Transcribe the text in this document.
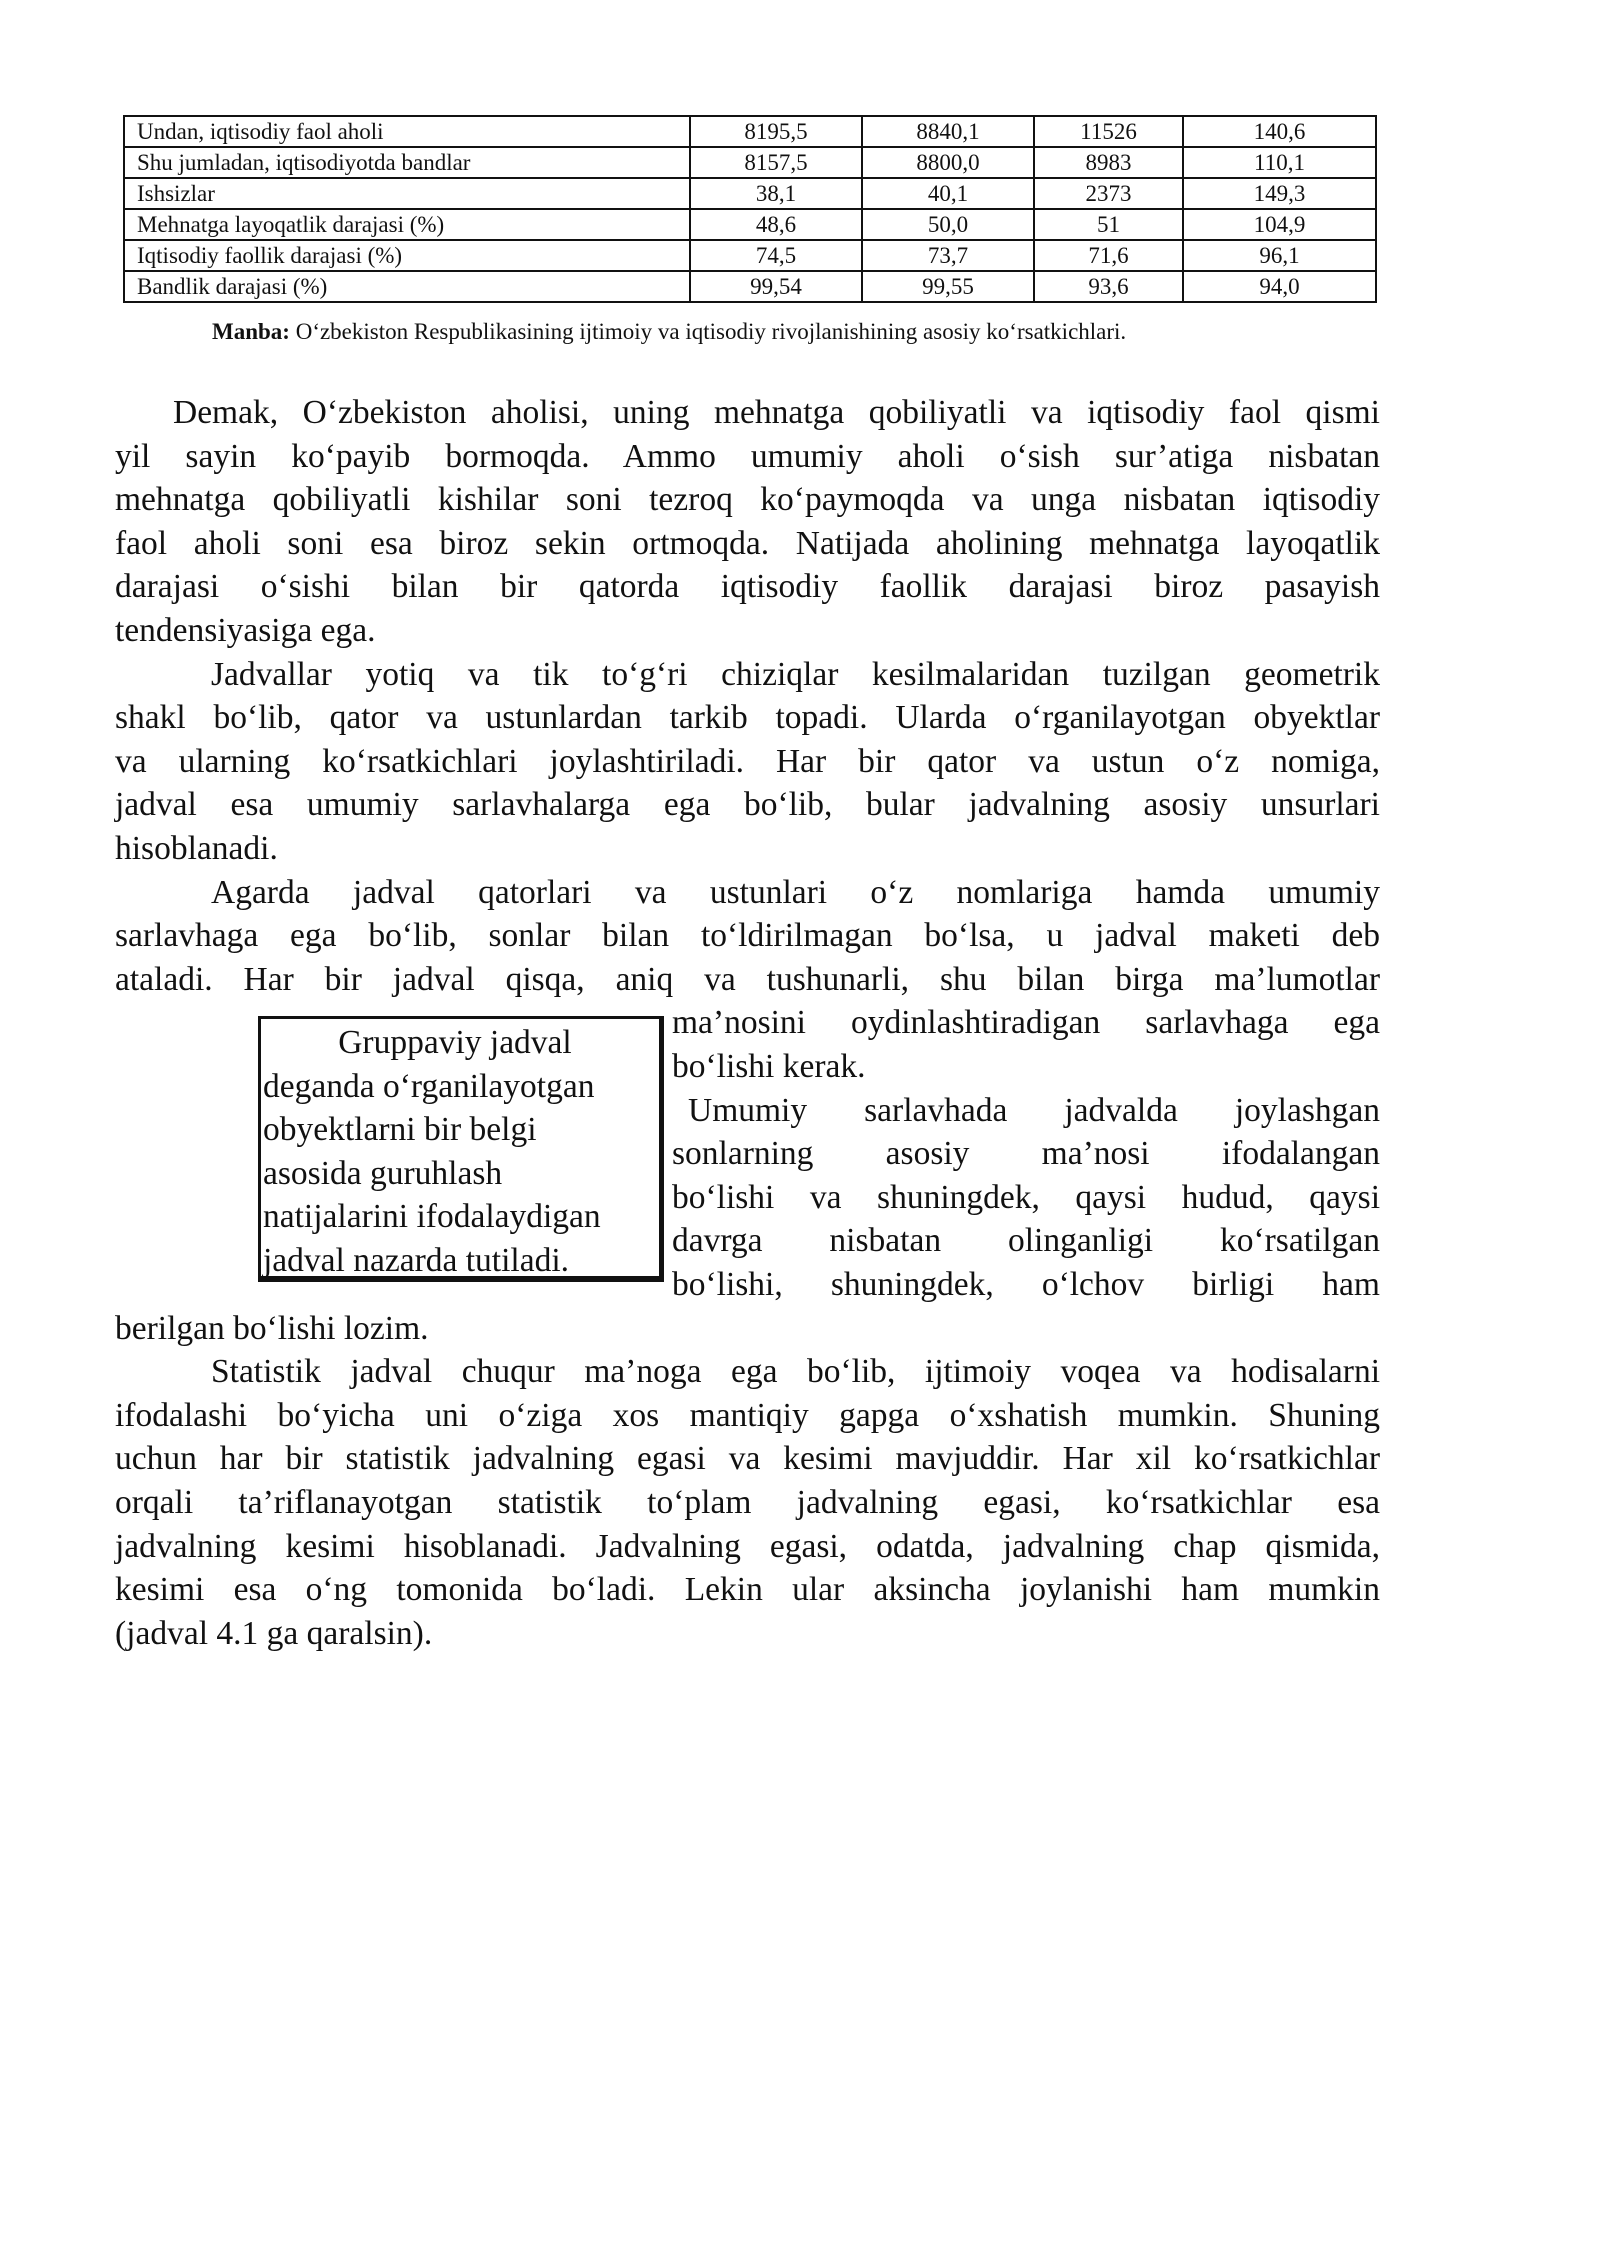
Undan, iqtisodiy faol aholi	8195,5	8840,1	11526	140,6
Shu jumladan, iqtisodiyotda bandlar	8157,5	8800,0	8983	110,1
Ishsizlar	38,1	40,1	2373	149,3
Mehnatga layoqatlik darajasi (%)	48,6	50,0	51	104,9
Iqtisodiy faollik darajasi (%)	74,5	73,7	71,6	96,1
Bandlik darajasi (%)	99,54	99,55	93,6	94,0
Manba: O‘zbekiston Respublikasining ijtimoiy va iqtisodiy rivojlanishining asosiy ko‘rsatkichlari.
Demak, O‘zbekiston aholisi, uning mehnatga qobiliyatli va iqtisodiy faol qismi
yil sayin ko‘payib bormoqda. Ammo umumiy aholi o‘sish sur’atiga nisbatan
mehnatga qobiliyatli kishilar soni tezroq ko‘paymoqda va unga nisbatan iqtisodiy
faol aholi soni esa biroz sekin ortmoqda. Natijada aholining mehnatga layoqatlik
darajasi o‘sishi bilan bir qatorda iqtisodiy faollik darajasi biroz pasayish
tendensiyasiga ega.
Jadvallar yotiq va tik to‘g‘ri chiziqlar kesilmalaridan tuzilgan geometrik
shakl bo‘lib, qator va ustunlardan tarkib topadi. Ularda o‘rganilayotgan obyektlar
va ularning ko‘rsatkichlari joylashtiriladi. Har bir qator va ustun o‘z nomiga,
jadval esa umumiy sarlavhalarga ega bo‘lib, bular jadvalning asosiy unsurlari
hisoblanadi.
Agarda jadval qatorlari va ustunlari o‘z nomlariga hamda umumiy
sarlavhaga ega bo‘lib, sonlar bilan to‘ldirilmagan bo‘lsa, u jadval maketi deb
ataladi. Har bir jadval qisqa, aniq va tushunarli, shu bilan birga ma’lumotlar
ma’nosini oydinlashtiradigan sarlavhaga ega
bo‘lishi kerak.
Umumiy sarlavhada jadvalda joylashgan
sonlarning asosiy ma’nosi ifodalangan
bo‘lishi va shuningdek, qaysi hudud, qaysi
davrga nisbatan olinganligi ko‘rsatilgan
bo‘lishi, shuningdek, o‘lchov birligi ham
Gruppaviy jadval
deganda o‘rganilayotgan
obyektlarni bir belgi
asosida guruhlash
natijalarini ifodalaydigan
jadval nazarda tutiladi.
berilgan bo‘lishi lozim.
Statistik jadval chuqur ma’noga ega bo‘lib, ijtimoiy voqea va hodisalarni
ifodalashi bo‘yicha uni o‘ziga xos mantiqiy gapga o‘xshatish mumkin. Shuning
uchun har bir statistik jadvalning egasi va kesimi mavjuddir. Har xil ko‘rsatkichlar
orqali ta’riflanayotgan statistik to‘plam jadvalning egasi, ko‘rsatkichlar esa
jadvalning kesimi hisoblanadi. Jadvalning egasi, odatda, jadvalning chap qismida,
kesimi esa o‘ng tomonida bo‘ladi. Lekin ular aksincha joylanishi ham mumkin
(jadval 4.1 ga qaralsin).
